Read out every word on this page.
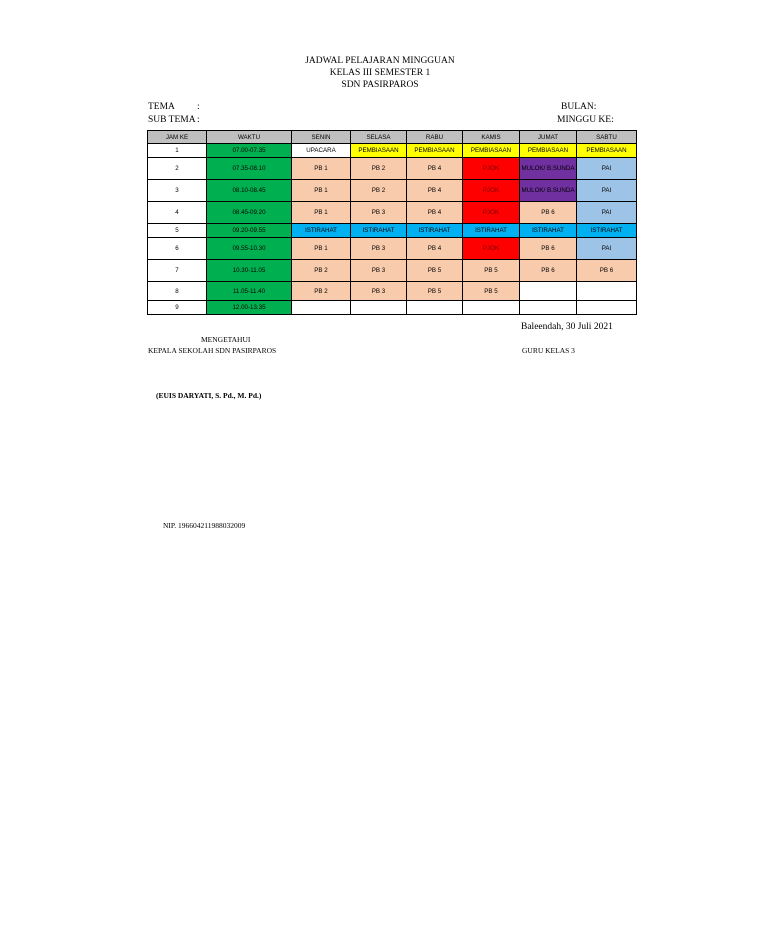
JADWAL PELAJARAN MINGGUAN
KELAS III SEMESTER 1
SDN PASIRPAROS
TEMA :
SUB TEMA :
BULAN:
MINGGU KE:
JAM KE	WAKTU	SENIN	SELASA	RABU	KAMIS	JUMAT	SABTU
1	07.00-07.35	UPACARA	PEMBIASAAN	PEMBIASAAN	PEMBIASAAN	PEMBIASAAN	PEMBIASAAN
2	07.35-08.10	PB 1	PB 2	PB 4	PJOK	MULOK/ B.SUNDA	PAI
3	08.10-08.45	PB 1	PB 2	PB 4	PJOK	MULOK/ B.SUNDA	PAI
4	08.45-09.20	PB 1	PB 3	PB 4	PJOK	PB 6	PAI
5	09.20-09.55	ISTIRAHAT	ISTIRAHAT	ISTIRAHAT	ISTIRAHAT	ISTIRAHAT	ISTIRAHAT
6	09.55-10.30	PB 1	PB 3	PB 4	PJOK	PB 6	PAI
7	10.30-11.05	PB 2	PB 3	PB 5	PB 5	PB 6	PB 6
8	11.05-11.40	PB 2	PB 3	PB 5	PB 5		
9	12.00-13.35						
Baleendah, 30 Juli 2021
MENGETAHUI
KEPALA SEKOLAH SDN PASIRPAROS	GURU KELAS 3
(EUIS DARYATI, S. Pd., M. Pd.)
NIP. 196604211988032009
